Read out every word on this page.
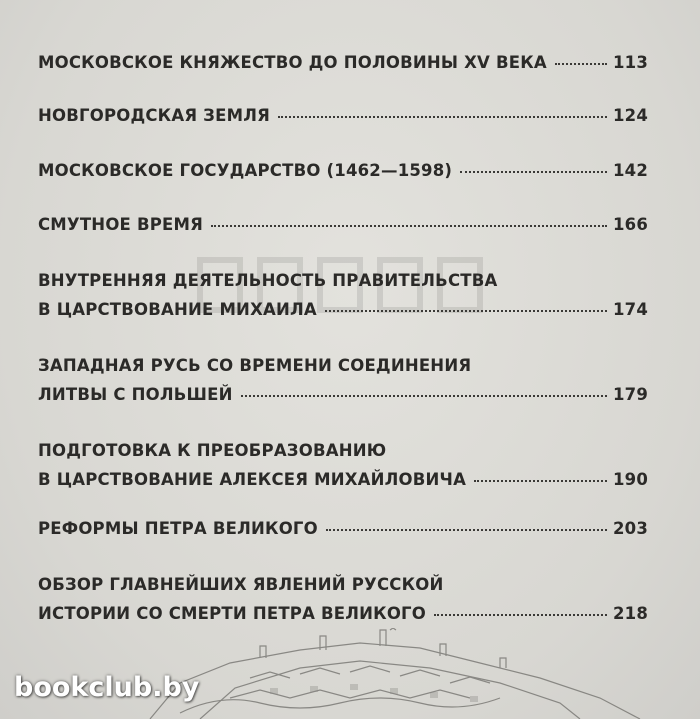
МОСКОВСКОЕ КНЯЖЕСТВО ДО ПОЛОВИНЫ XV ВЕКА	113
НОВГОРОДСКАЯ ЗЕМЛЯ	124
МОСКОВСКОЕ ГОСУДАРСТВО (1462—1598)	142
СМУТНОЕ ВРЕМЯ	166
ВНУТРЕННЯЯ ДЕЯТЕЛЬНОСТЬ ПРАВИТЕЛЬСТВА
В ЦАРСТВОВАНИЕ МИХАИЛА	174
ЗАПАДНАЯ РУСЬ СО ВРЕМЕНИ СОЕДИНЕНИЯ
ЛИТВЫ С ПОЛЬШЕЙ	179
ПОДГОТОВКА К ПРЕОБРАЗОВАНИЮ
В ЦАРСТВОВАНИЕ АЛЕКСЕЯ МИХАЙЛОВИЧА	190
РЕФОРМЫ ПЕТРА ВЕЛИКОГО	203
ОБЗОР ГЛАВНЕЙШИХ ЯВЛЕНИЙ РУССКОЙ
ИСТОРИИ СО СМЕРТИ ПЕТРА ВЕЛИКОГО	218
bookclub.by
